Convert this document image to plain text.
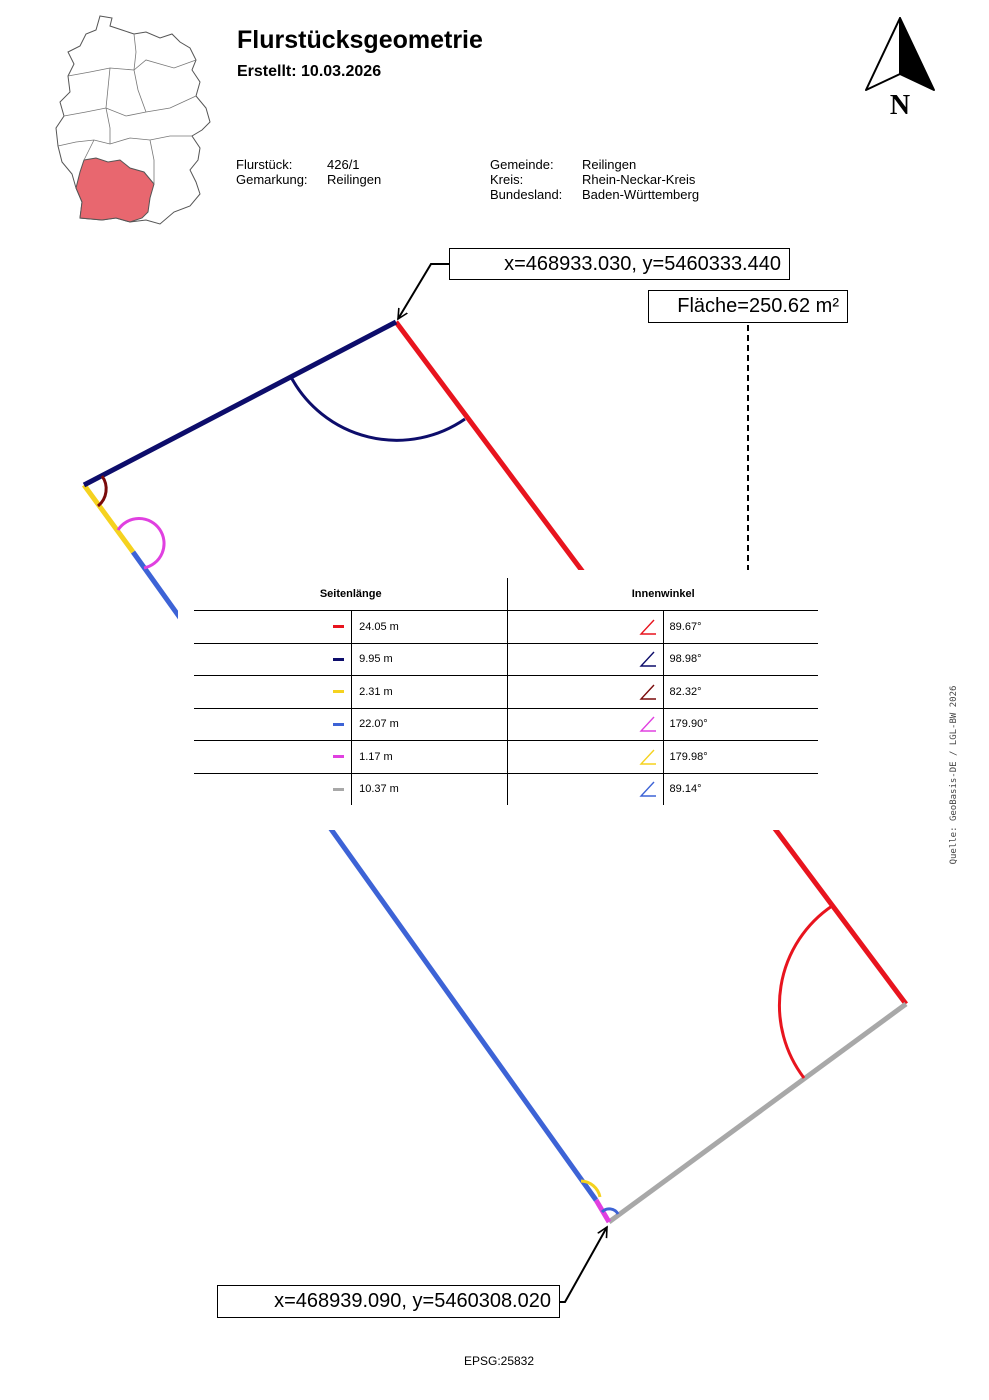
Flurstücksgeometrie
Erstellt: 10.03.2026
Flurstück:	426/1
Gemarkung: Reilingen
Gemeinde: Reilingen
Kreis:	Rhein-Neckar-Kreis
Bundesland: Baden-Württemberg
N
x=468933.030, y=5460333.440
Fläche=250.62 m²
x=468939.090, y=5460308.020
Seitenlänge		Innenwinkel	
	24.05 m		89.67°
	9.95 m		98.98°
	2.31 m		82.32°
	22.07 m		179.90°
	1.17 m		179.98°
	10.37 m		89.14°	Quelle: GeoBasis-DE / LGL-BW 2026
EPSG:25832
